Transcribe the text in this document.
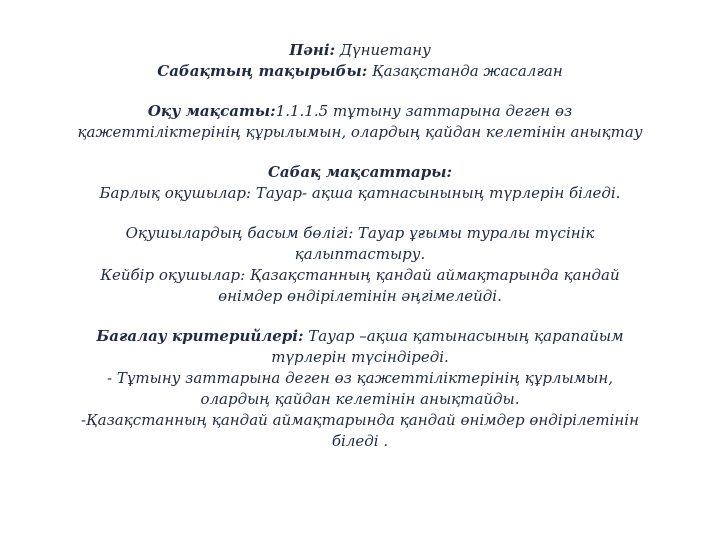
Пәні: Дүниетану
Сабақтың тақырыбы: Қазақстанда жасалған
Оқу мақсаты:1.1.1.5 тұтыну заттарына деген өз
қажеттіліктерінің құрылымын, олардың қайдан келетінін анықтау
Сабақ мақсаттары:
Барлық оқушылар: Тауар- ақша қатнасынының түрлерін біледі.
Оқушылардың басым бөлігі: Тауар ұғымы туралы түсінік
қалыптастыру.
Кейбір оқушылар: Қазақстанның қандай аймақтарында қандай
өнімдер өндірілетінін әңгімелейді.
Бағалау критерийлері: Тауар –ақша қатынасының қарапайым
түрлерін түсіндіреді.
- Тұтыну заттарына деген өз қажеттіліктерінің құрлымын,
олардың қайдан келетінін анықтайды.
-Қазақстанның қандай аймақтарында қандай өнімдер өндірілетінін
біледі .
